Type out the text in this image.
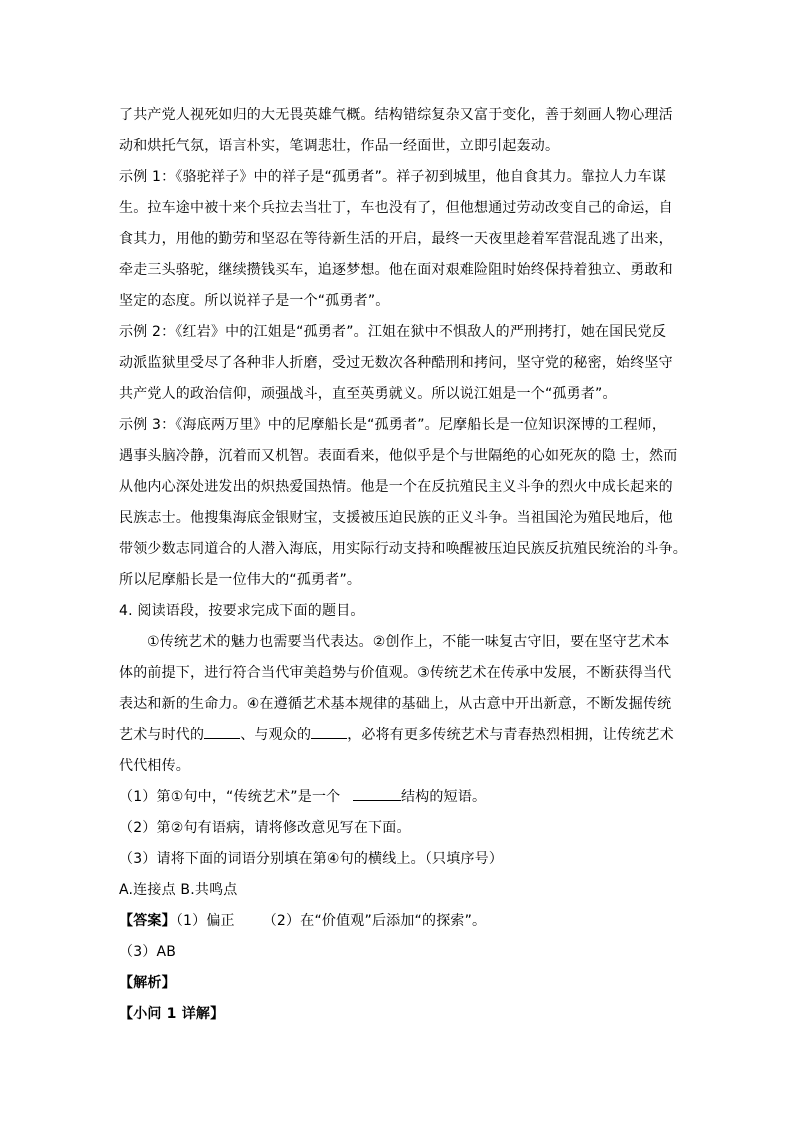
了共产党人视死如归的大无畏英雄气概。结构错综复杂又富于变化，善于刻画人物心理活
动和烘托气氛，语言朴实，笔调悲壮，作品一经面世，立即引起轰动。
示例 1：《骆驼祥子》中的祥子是“孤勇者”。祥子初到城里，他自食其力。靠拉人力车谋
生。拉车途中被十来个兵拉去当壮丁，车也没有了，但他想通过劳动改变自己的命运，自
食其力，用他的勤劳和坚忍在等待新生活的开启，最终一天夜里趁着军营混乱逃了出来，
牵走三头骆驼，继续攒钱买车，追逐梦想。他在面对艰难险阻时始终保持着独立、勇敢和
坚定的态度。所以说祥子是一个“孤勇者”。
示例 2：《红岩》中的江姐是“孤勇者”。江姐在狱中不惧敌人的严刑拷打，她在国民党反
动派监狱里受尽了各种非人折磨，受过无数次各种酷刑和拷问，坚守党的秘密，始终坚守
共产党人的政治信仰，顽强战斗，直至英勇就义。所以说江姐是一个“孤勇者”。
示例 3：《海底两万里》中的尼摩船长是“孤勇者”。尼摩船长是一位知识深博的工程师，
遇事头脑冷静，沉着而又机智。表面看来，他似乎是个与世隔绝的心如死灰的隐 士，然而
从他内心深处进发出的炽热爱国热情。他是一个在反抗殖民主义斗争的烈火中成长起来的
民族志士。他搜集海底金银财宝，支援被压迫民族的正义斗争。当祖国沦为殖民地后，他
带领少数志同道合的人潜入海底，用实际行动支持和唤醒被压迫民族反抗殖民统治的斗争。
所以尼摩船长是一位伟大的“孤勇者”。
4. 阅读语段，按要求完成下面的题目。
①传统艺术的魅力也需要当代表达。②创作上，不能一味复古守旧，要在坚守艺术本
体的前提下，进行符合当代审美趋势与价值观。③传统艺术在传承中发展，不断获得当代
表达和新的生命力。④在遵循艺术基本规律的基础上，从古意中开出新意，不断发掘传统
艺术与时代的	、与观众的	，必将有更多传统艺术与青春热烈相拥，让传统艺术
代代相传。
（1）第①句中，“传统艺术”是一个	结构的短语。
（2）第②句有语病，请将修改意见写在下面。
（3）请将下面的词语分别填在第④句的横线上。（只填序号）
A.连接点 B.共鸣点
【答案】（1）偏正 （2）在“价值观”后添加“的探索”。
（3）AB
【解析】
【小问 1 详解】
